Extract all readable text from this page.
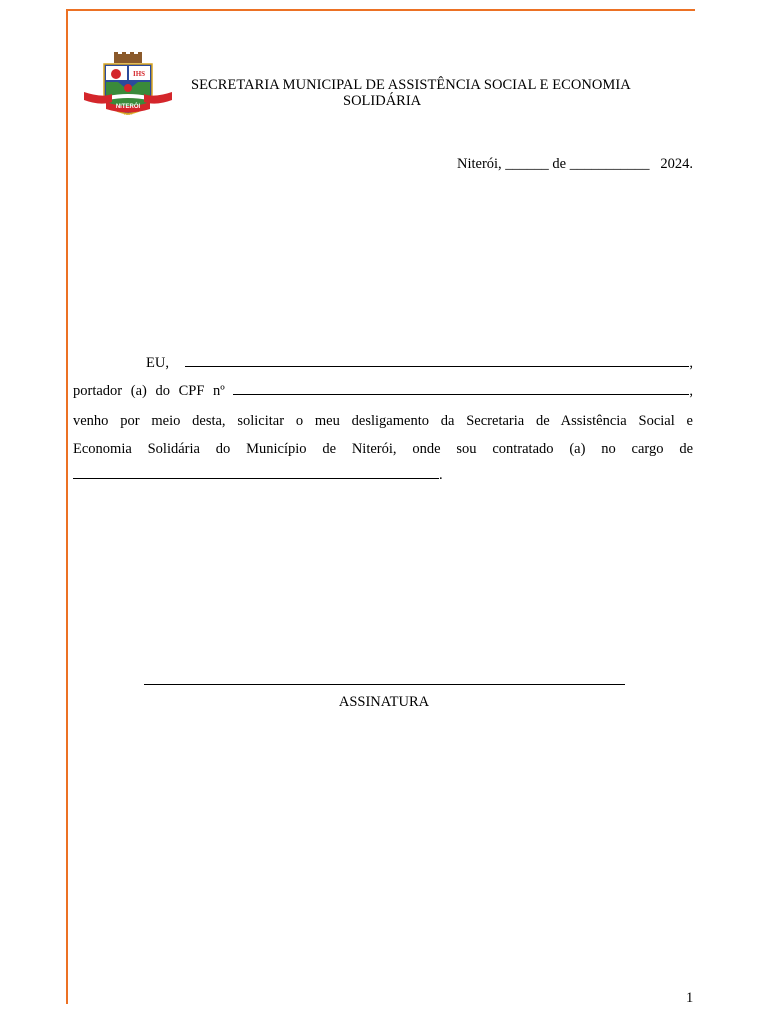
IHS
NITERÓI
1819
SECRETARIA MUNICIPAL DE ASSISTÊNCIA SOCIAL E ECONOMIA
SOLIDÁRIA
Niterói, ______ de ___________   2024.
EU,	,
portador (a) do CPF nº	,
venho por meio desta, solicitar o meu desligamento da Secretaria de Assistência Social e
Economia Solidária do Município de Niterói, onde sou contratado (a) no cargo de
.
ASSINATURA
1
